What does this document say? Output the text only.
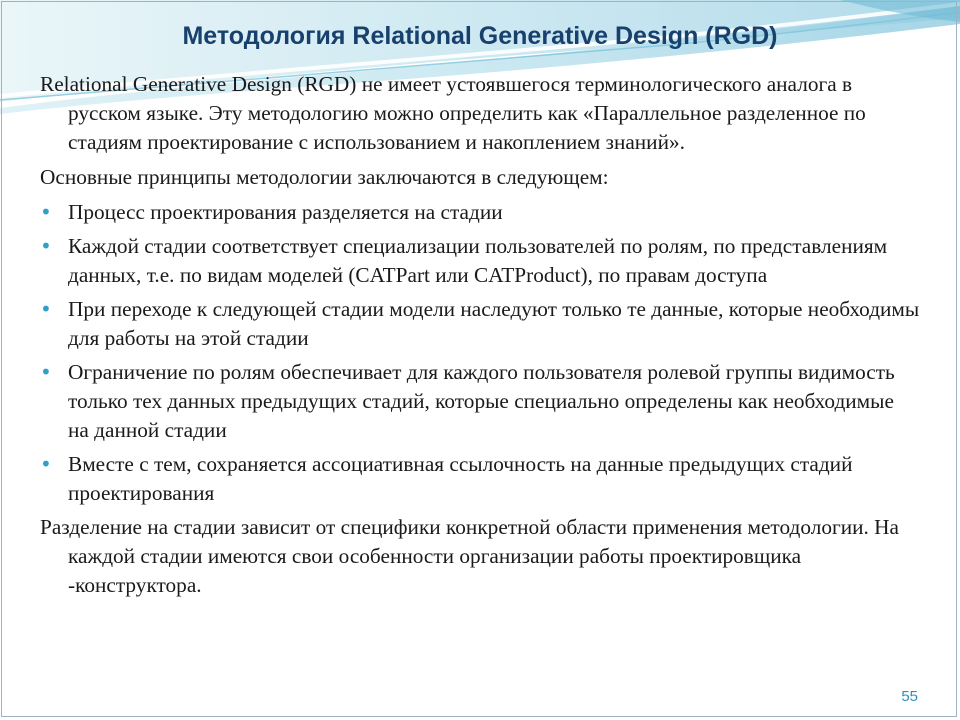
Методология Relational Generative Design (RGD)

Relational Generative Design (RGD) не имеет устоявшегося терминологического аналога в русском языке. Эту методологию можно определить как «Параллельное разделенное по стадиям проектирование с использованием и накоплением знаний».

Основные принципы методологии заключаются в следующем:

• Процесс проектирования разделяется на стадии
• Каждой стадии соответствует специализации пользователей по ролям, по представлениям данных, т.е. по видам моделей (CATPart или CATProduct), по правам доступа
• При переходе к следующей стадии модели наследуют только те данные, которые необходимы для работы на этой стадии
• Ограничение по ролям обеспечивает для каждого пользователя ролевой группы видимость только тех данных предыдущих стадий, которые специально определены как необходимые на данной стадии
• Вместе с тем, сохраняется ассоциативная ссылочность на данные предыдущих стадий проектирования

Разделение на стадии зависит от специфики конкретной области применения методологии. На каждой стадии имеются свои особенности организации работы проектировщика -конструктора.

55
